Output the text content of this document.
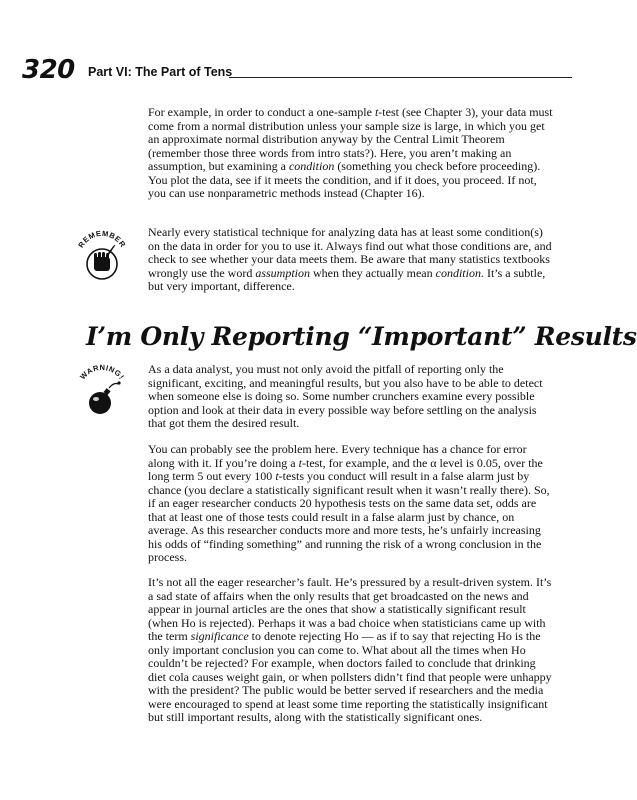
320 Part VI: The Part of Tens

For example, in order to conduct a one-sample t-test (see Chapter 3), your data must come from a normal distribution unless your sample size is large, in which you get an approximate normal distribution anyway by the Central Limit Theorem (remember those three words from intro stats?). Here, you aren’t making an assumption, but examining a condition (something you check before proceeding). You plot the data, see if it meets the condition, and if it does, you proceed. If not, you can use nonparametric methods instead (Chapter 16).

REMEMBER

Nearly every statistical technique for analyzing data has at least some condition(s) on the data in order for you to use it. Always find out what those conditions are, and check to see whether your data meets them. Be aware that many statistics textbooks wrongly use the word assumption when they actually mean condition. It’s a subtle, but very important, difference.

I’m Only Reporting “Important” Results
WARNING!

As a data analyst, you must not only avoid the pitfall of reporting only the significant, exciting, and meaningful results, but you also have to be able to detect when someone else is doing so. Some number crunchers examine every possible option and look at their data in every possible way before settling on the analysis that got them the desired result.

You can probably see the problem here. Every technique has a chance for error along with it. If you’re doing a t-test, for example, and the α level is 0.05, over the long term 5 out every 100 t-tests you conduct will result in a false alarm just by chance (you declare a statistically significant result when it wasn’t really there). So, if an eager researcher conducts 20 hypothesis tests on the same data set, odds are that at least one of those tests could result in a false alarm just by chance, on average. As this researcher conducts more and more tests, he’s unfairly increasing his odds of “finding something” and running the risk of a wrong conclusion in the process.

It’s not all the eager researcher’s fault. He’s pressured by a result-driven system. It’s a sad state of affairs when the only results that get broadcasted on the news and appear in journal articles are the ones that show a statistically significant result (when Ho is rejected). Perhaps it was a bad choice when statisticians came up with the term significance to denote rejecting Ho — as if to say that rejecting Ho is the only important conclusion you can come to. What about all the times when Ho couldn’t be rejected? For example, when doctors failed to conclude that drinking diet cola causes weight gain, or when pollsters didn’t find that people were unhappy with the president? The public would be better served if researchers and the media were encouraged to spend at least some time reporting the statistically insignificant but still important results, along with the statistically significant ones.
